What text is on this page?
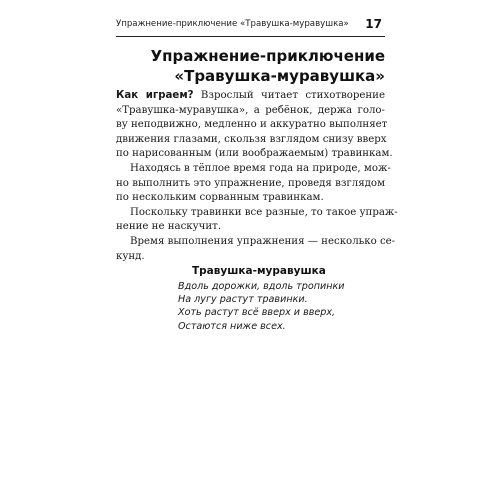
Упражнение-приключение «Травушка-муравушка» 17
Упражнение-приключение
«Травушка-муравушка»
Как играем? Взрослый читает стихотворение
«Травушка-муравушка», а ребёнок, держа голо-
ву неподвижно, медленно и аккуратно выполняет
движения глазами, скользя взглядом снизу вверх
по нарисованным (или воображаемым) травинкам.
Находясь в тёплое время года на природе, мож-
но выполнить это упражнение, проведя взглядом
по нескольким сорванным травинкам.
Поскольку травинки все разные, то такое упраж-
нение не наскучит.
Время выполнения упражнения — несколько се-
кунд.
Травушка-муравушка
Вдоль дорожки, вдоль тропинки
На лугу растут травинки.
Хоть растут всё вверх и вверх,
Остаются ниже всех.
